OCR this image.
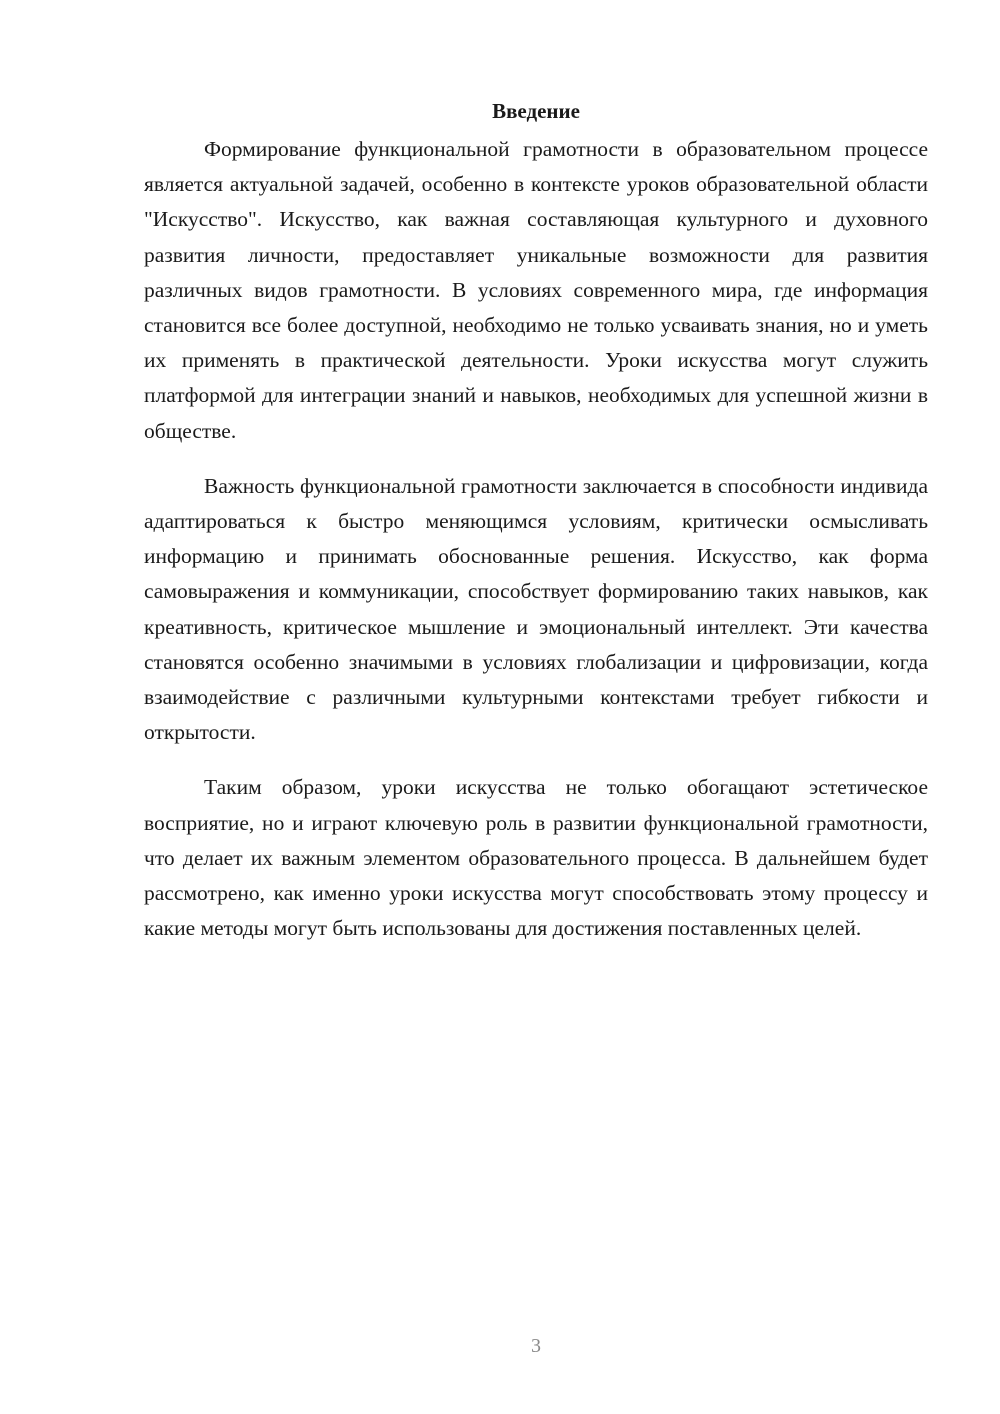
Введение

Формирование функциональной грамотности в образовательном процессе является актуальной задачей, особенно в контексте уроков образовательной области "Искусство". Искусство, как важная составляющая культурного и духовного развития личности, предоставляет уникальные возможности для развития различных видов грамотности. В условиях современного мира, где информация становится все более доступной, необходимо не только усваивать знания, но и уметь их применять в практической деятельности. Уроки искусства могут служить платформой для интеграции знаний и навыков, необходимых для успешной жизни в обществе.

Важность функциональной грамотности заключается в способности индивида адаптироваться к быстро меняющимся условиям, критически осмысливать информацию и принимать обоснованные решения. Искусство, как форма самовыражения и коммуникации, способствует формированию таких навыков, как креативность, критическое мышление и эмоциональный интеллект. Эти качества становятся особенно значимыми в условиях глобализации и цифровизации, когда взаимодействие с различными культурными контекстами требует гибкости и открытости.

Таким образом, уроки искусства не только обогащают эстетическое восприятие, но и играют ключевую роль в развитии функциональной грамотности, что делает их важным элементом образовательного процесса. В дальнейшем будет рассмотрено, как именно уроки искусства могут способствовать этому процессу и какие методы могут быть использованы для достижения поставленных целей.

3
